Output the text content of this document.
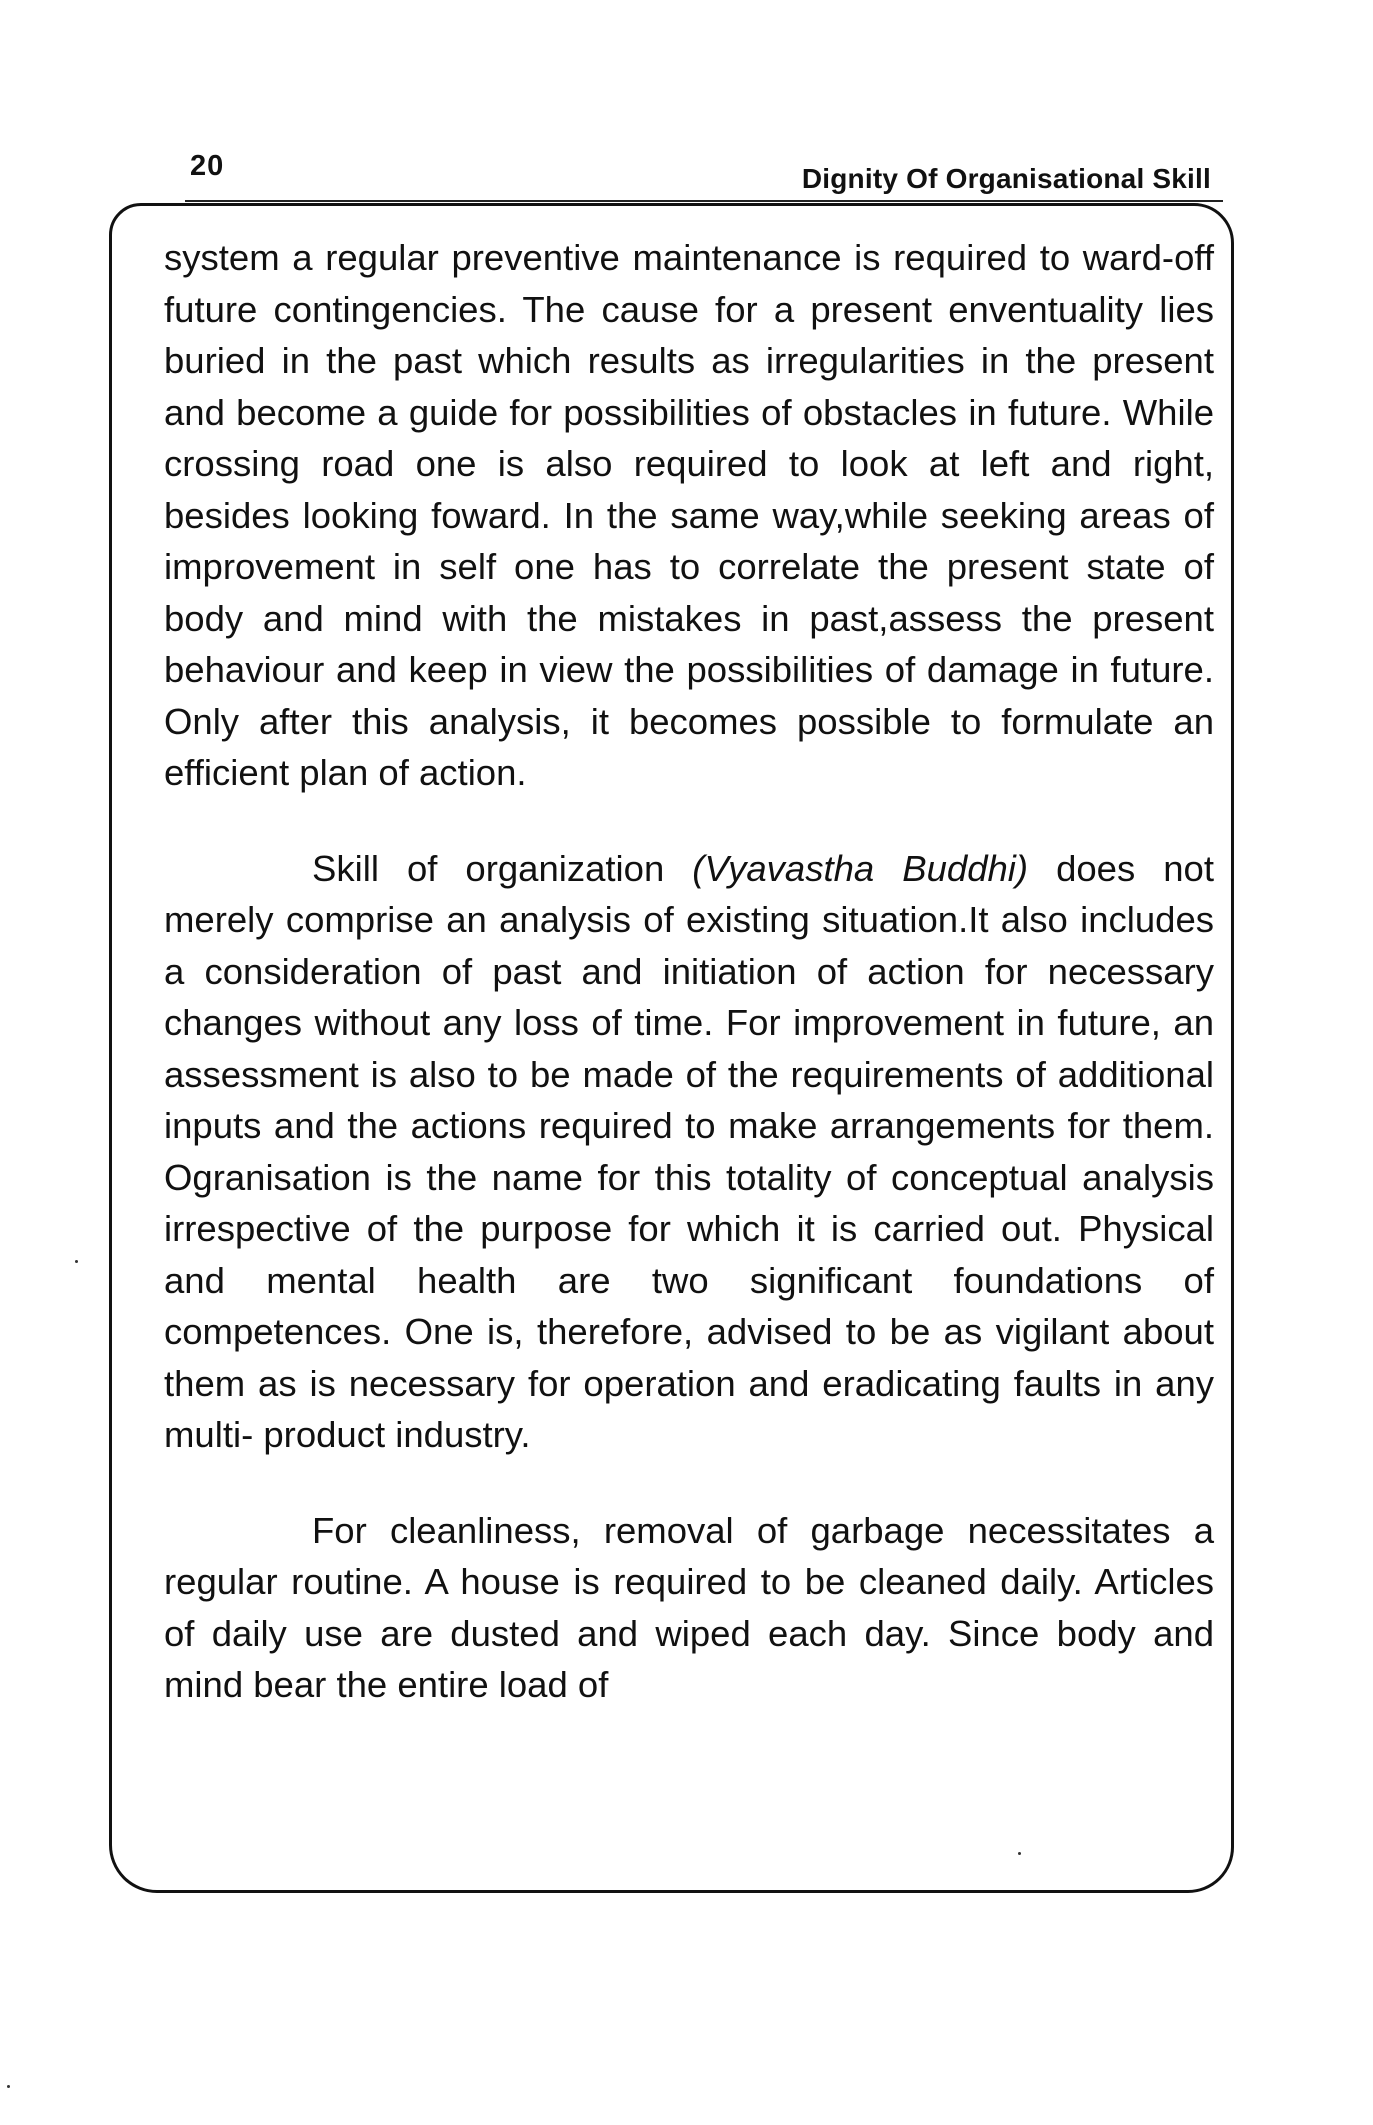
20	Dignity Of Organisational Skill

system a regular preventive maintenance is required to ward-off future contingencies. The cause for a present enventuality lies buried in the past which results as irregularities in the present and become a guide for possibilities of obstacles in future. While crossing road one is also required to look at left and right, besides looking foward. In the same way,while seeking areas of improvement in self one has to correlate the present state of body and mind with the mistakes in past,assess the present behaviour and keep in view the possibilities of damage in future. Only after this analysis, it becomes possible to formulate an efficient plan of action.

Skill of organization (Vyavastha Buddhi) does not merely comprise an analysis of existing situation.It also includes a consideration of past and initiation of action for necessary changes without any loss of time. For improvement in future, an assessment is also to be made of the requirements of additional inputs and the actions required to make arrangements for them. Ogranisation is the name for this totality of conceptual analysis irrespective of the purpose for which it is carried out. Physical and mental health are two significant foundations of competences. One is, therefore, advised to be as vigilant about them as is necessary for operation and eradicating faults in any multi- product industry.

For cleanliness, removal of garbage necessitates a regular routine. A house is required to be cleaned daily. Articles of daily use are dusted and wiped each day. Since body and mind bear the entire load of
